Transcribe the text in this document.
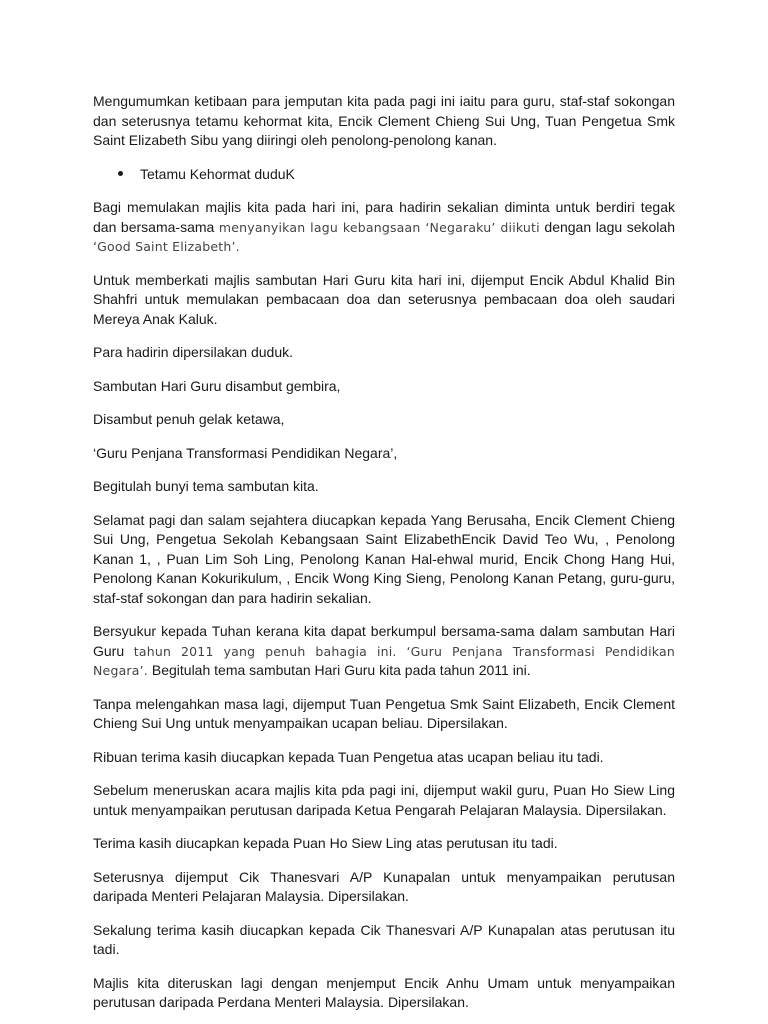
Mengumumkan ketibaan para jemputan kita pada pagi ini iaitu para guru, staf-staf sokongan dan seterusnya tetamu kehormat kita, Encik Clement Chieng Sui Ung, Tuan Pengetua Smk Saint Elizabeth Sibu yang diiringi oleh penolong-penolong kanan.

Tetamu Kehormat duduK

Bagi memulakan majlis kita pada hari ini, para hadirin sekalian diminta untuk berdiri tegak dan bersama-sama menyanyikan lagu kebangsaan ‘Negaraku’ diikuti dengan lagu sekolah ‘Good Saint Elizabeth’.

Untuk memberkati majlis sambutan Hari Guru kita hari ini, dijemput Encik Abdul Khalid Bin Shahfri untuk memulakan pembacaan doa dan seterusnya pembacaan doa oleh saudari Mereya Anak Kaluk.

Para hadirin dipersilakan duduk.

Sambutan Hari Guru disambut gembira,

Disambut penuh gelak ketawa,

‘Guru Penjana Transformasi Pendidikan Negara’,

Begitulah bunyi tema sambutan kita.

Selamat pagi dan salam sejahtera diucapkan kepada Yang Berusaha, Encik Clement Chieng Sui Ung, Pengetua Sekolah Kebangsaan Saint ElizabethEncik David Teo Wu, , Penolong Kanan 1, , Puan Lim Soh Ling, Penolong Kanan Hal-ehwal murid, Encik Chong Hang Hui, Penolong Kanan Kokurikulum, , Encik Wong King Sieng, Penolong Kanan Petang, guru-guru, staf-staf sokongan dan para hadirin sekalian.

Bersyukur kepada Tuhan kerana kita dapat berkumpul bersama-sama dalam sambutan Hari Guru tahun 2011 yang penuh bahagia ini. ‘Guru Penjana Transformasi Pendidikan Negara’. Begitulah tema sambutan Hari Guru kita pada tahun 2011 ini.

Tanpa melengahkan masa lagi, dijemput Tuan Pengetua Smk Saint Elizabeth, Encik Clement Chieng Sui Ung untuk menyampaikan ucapan beliau. Dipersilakan.

Ribuan terima kasih diucapkan kepada Tuan Pengetua atas ucapan beliau itu tadi.

Sebelum meneruskan acara majlis kita pda pagi ini, dijemput wakil guru, Puan Ho Siew Ling untuk menyampaikan perutusan daripada Ketua Pengarah Pelajaran Malaysia. Dipersilakan.

Terima kasih diucapkan kepada Puan Ho Siew Ling atas perutusan itu tadi.

Seterusnya dijemput Cik Thanesvari A/P Kunapalan untuk menyampaikan perutusan daripada Menteri Pelajaran Malaysia. Dipersilakan.

Sekalung terima kasih diucapkan kepada Cik Thanesvari A/P Kunapalan atas perutusan itu tadi.

Majlis kita diteruskan lagi dengan menjemput Encik Anhu Umam untuk menyampaikan perutusan daripada Perdana Menteri Malaysia. Dipersilakan.
